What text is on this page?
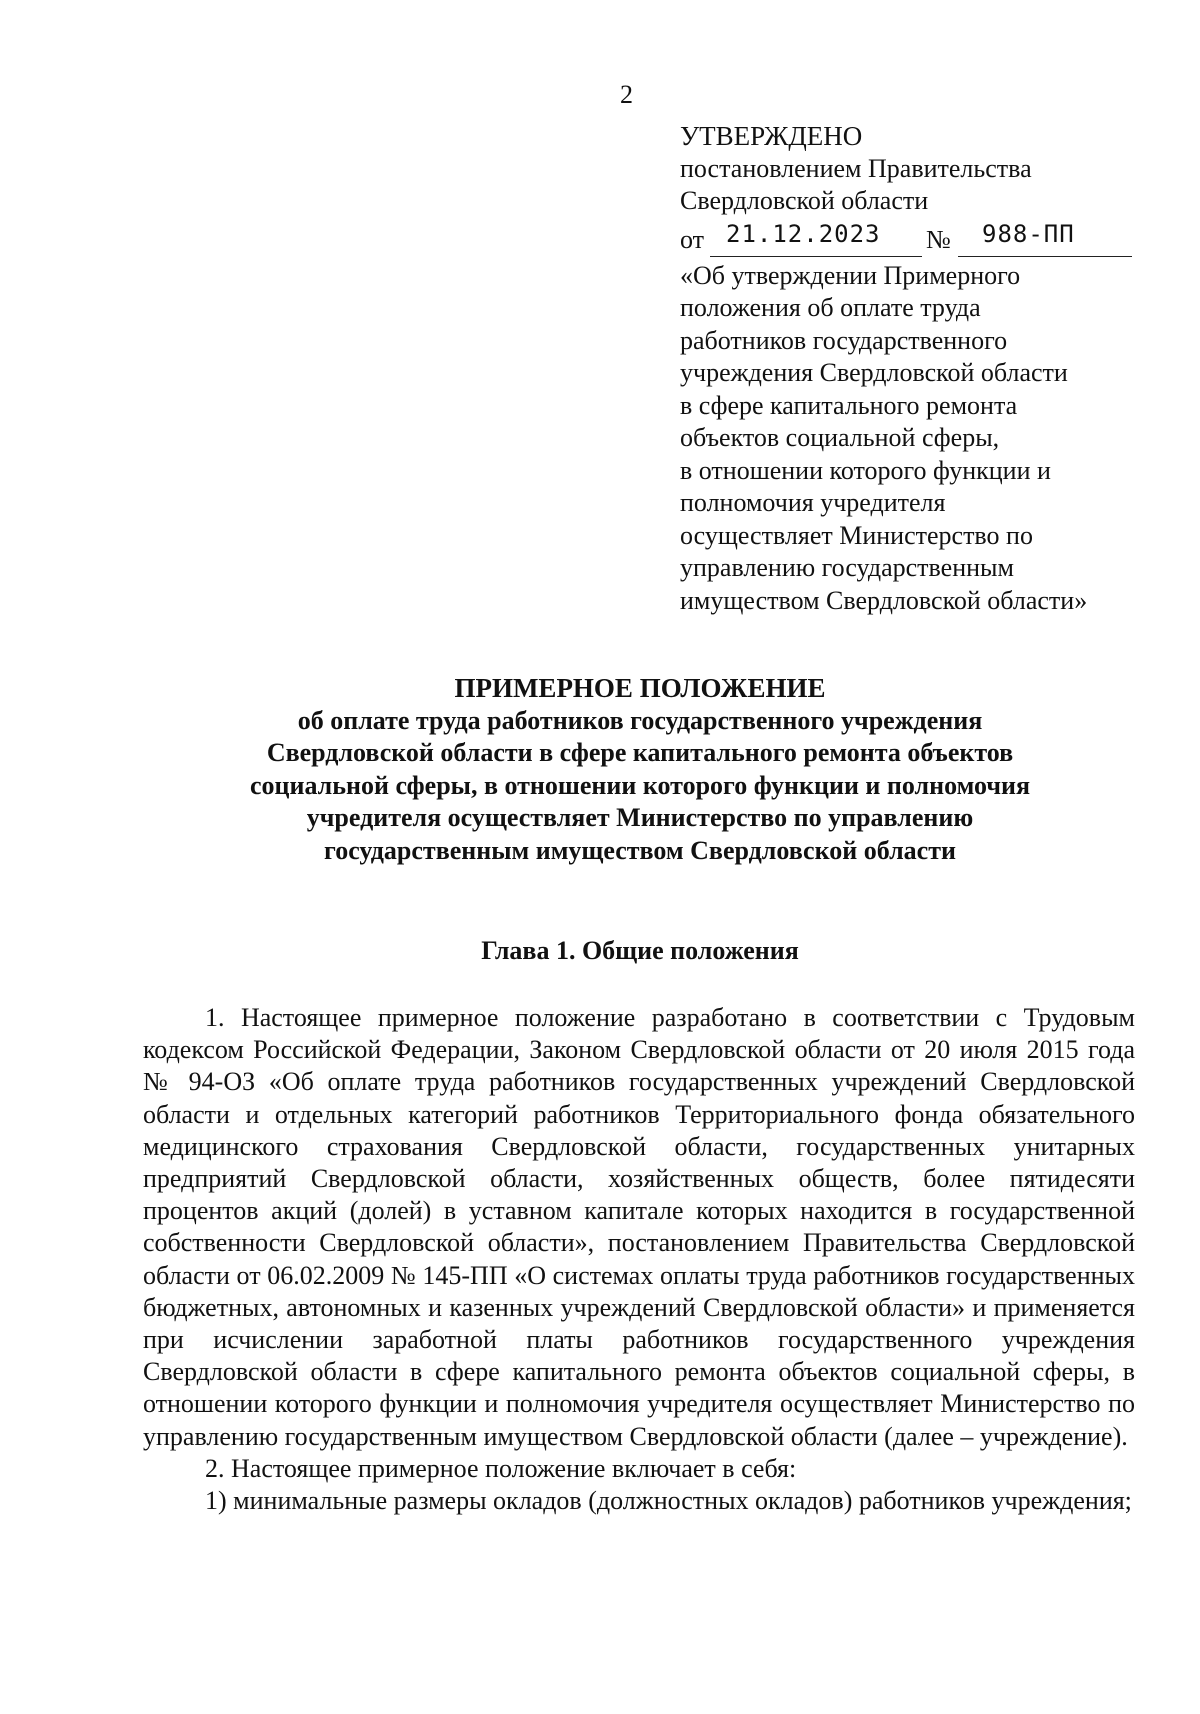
2
УТВЕРЖДЕНО
постановлением Правительства
Свердловской области
от 21.12.2023 № 988-ПП
«Об утверждении Примерного
положения об оплате труда
работников государственного
учреждения Свердловской области
в сфере капитального ремонта
объектов социальной сферы,
в отношении которого функции и
полномочия учредителя
осуществляет Министерство по
управлению государственным
имуществом Свердловской области»
ПРИМЕРНОЕ ПОЛОЖЕНИЕ
об оплате труда работников государственного учреждения
Свердловской области в сфере капитального ремонта объектов
социальной сферы, в отношении которого функции и полномочия
учредителя осуществляет Министерство по управлению
государственным имуществом Свердловской области
Глава 1. Общие положения

1. Настоящее примерное положение разработано в соответствии с Трудовым кодексом Российской Федерации, Законом Свердловской области от 20 июля 2015 года № 94-ОЗ «Об оплате труда работников государственных учреждений Свердловской области и отдельных категорий работников Территориального фонда обязательного медицинского страхования Свердловской области, государственных унитарных предприятий Свердловской области, хозяйственных обществ, более пятидесяти процентов акций (долей) в уставном капитале которых находится в государственной собственности Свердловской области», постановлением Правительства Свердловской области от 06.02.2009 № 145-ПП «О системах оплаты труда работников государственных бюджетных, автономных и казенных учреждений Свердловской области» и применяется при исчислении заработной платы работников государственного учреждения Свердловской области в сфере капитального ремонта объектов социальной сферы, в отношении которого функции и полномочия учредителя осуществляет Министерство по управлению государственным имуществом Свердловской области (далее – учреждение).

2. Настоящее примерное положение включает в себя:

1) минимальные размеры окладов (должностных окладов) работников учреждения;
